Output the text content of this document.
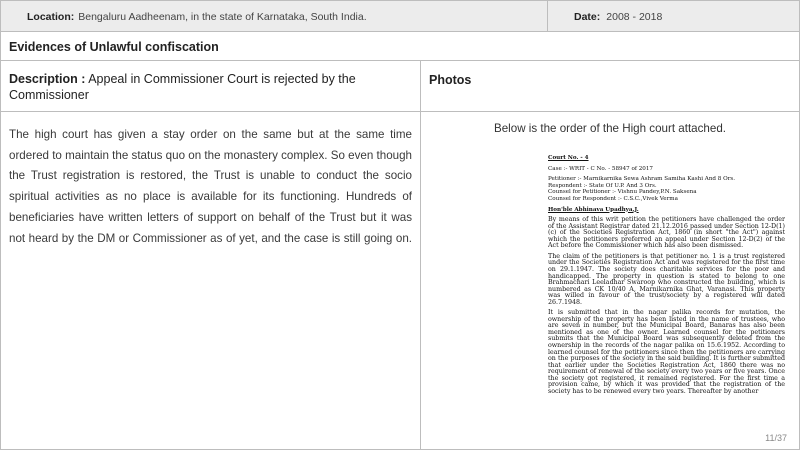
Location: Bengaluru Aadheenam, in the state of Karnataka, South India.	Date: 2008 - 2018
Evidences of Unlawful confiscation
Description : Appeal in Commissioner Court is rejected by the Commissioner
Photos
The high court has given a stay order on the same but at the same time ordered to maintain the status quo on the monastery complex. So even though the Trust registration is restored, the Trust is unable to conduct the socio spiritual activities as no place is available for its functioning. Hundreds of beneficiaries have written letters of support on behalf of the Trust but it was not heard by the DM or Commissioner as of yet, and the case is still going on.
Below is the order of the High court attached.
Court No. - 4
Case :- WRIT - C No. - 58947 of 2017
Petitioner :- Marnikarnika Sewa Ashram Samiha Kashi And 8 Ors.
Respondent :- State Of U.P. And 3 Ors.
Counsel for Petitioner :- Vishnu Pandey,P.N. Saksena
Counsel for Respondent :- C.S.C.,Vivek Verma
Hon'ble Abhinava Upadhya,J.
By means of this writ petition the petitioners have challenged the order of the Assistant Registrar dated 21.12.2016 passed under Section 12-D(1)(c) of the Societies Registration Act, 1860 (in short "the Act") against which the petitioners preferred an appeal under Section 12-D(2) of the Act before the Commissioner which has also been dismissed.
The claim of the petitioners is that petitioner no. 1 is a trust registered under the Societies Registration Act and was registered for the first time on 29.1.1947. The society does charitable services for the poor and handicapped. The property in question is stated to belong to one Brahmachari Leeladhar Swaroop who constructed the building, which is numbered as CK 10/40 A, Marnikarnika Ghat, Varanasi. This property was willed in favour of the trust/society by a registered will dated 26.7.1948.
It is submitted that in the nagar palika records for mutation, the ownership of the property has been listed in the name of trustees, who are seven in number, but the Municipal Board, Banaras has also been mentioned as one of the owner. Learned counsel for the petitioners submits that the Municipal Board was subsequently deleted from the ownership in the records of the nagar palika on 15.6.1952. According to learned counsel for the petitioners since then the petitioners are carrying on the purposes of the society in the said building. It is further submitted that earlier under the Societies Registration Act, 1860 there was no requirement of renewal of the society every two years or five years. Once the society got registered, it remained registered. For the first time a provision came, by which it was provided that the registration of the society has to be renewed every two years. Thereafter by another
11/37
